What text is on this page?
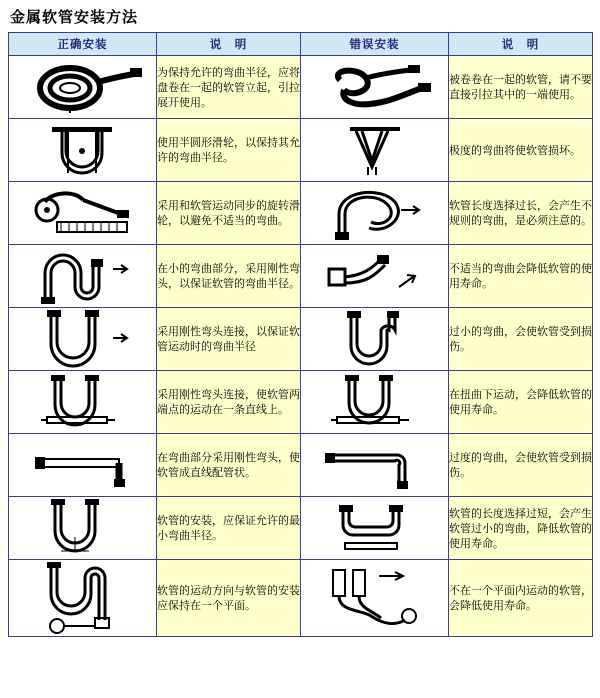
金属软管安装方法
正确安装	说　明	错误安装	说　明

	为保持允许的弯曲半径，应将盘卷在一起的软管立起，引拉展开使用。		被卷卷在一起的软管，请不要直接引拉其中的一端使用。

	使用半圆形滑轮，以保持其允许的弯曲半径。		极度的弯曲将使软管损坏。

	采用和软管运动同步的旋转滑轮，以避免不适当的弯曲。		软管长度选择过长，会产生不规则的弯曲，是必须注意的。

	在小的弯曲部分，采用刚性弯头，以保证软管的弯曲半径。		不适当的弯曲会降低软管的使用寿命。

	采用刚性弯头连接，以保证软管运动时的弯曲半径		过小的弯曲，会使软管受到损伤。

	采用刚性弯头连接，使软管两端点的运动在一条直线上。		在扭曲下运动，会降低软管的使用寿命。

	在弯曲部分采用刚性弯头，使软管成直线配管状。		过度的弯曲，会使软管受到损伤。

	软管的安装，应保证允许的最小弯曲半径。		软管的长度选择过短，会产生软管过小的弯曲，降低软管的使用寿命。

	软管的运动方向与软管的安装应保持在一个平面。		不在一个平面内运动的软管，会降低使用寿命。
